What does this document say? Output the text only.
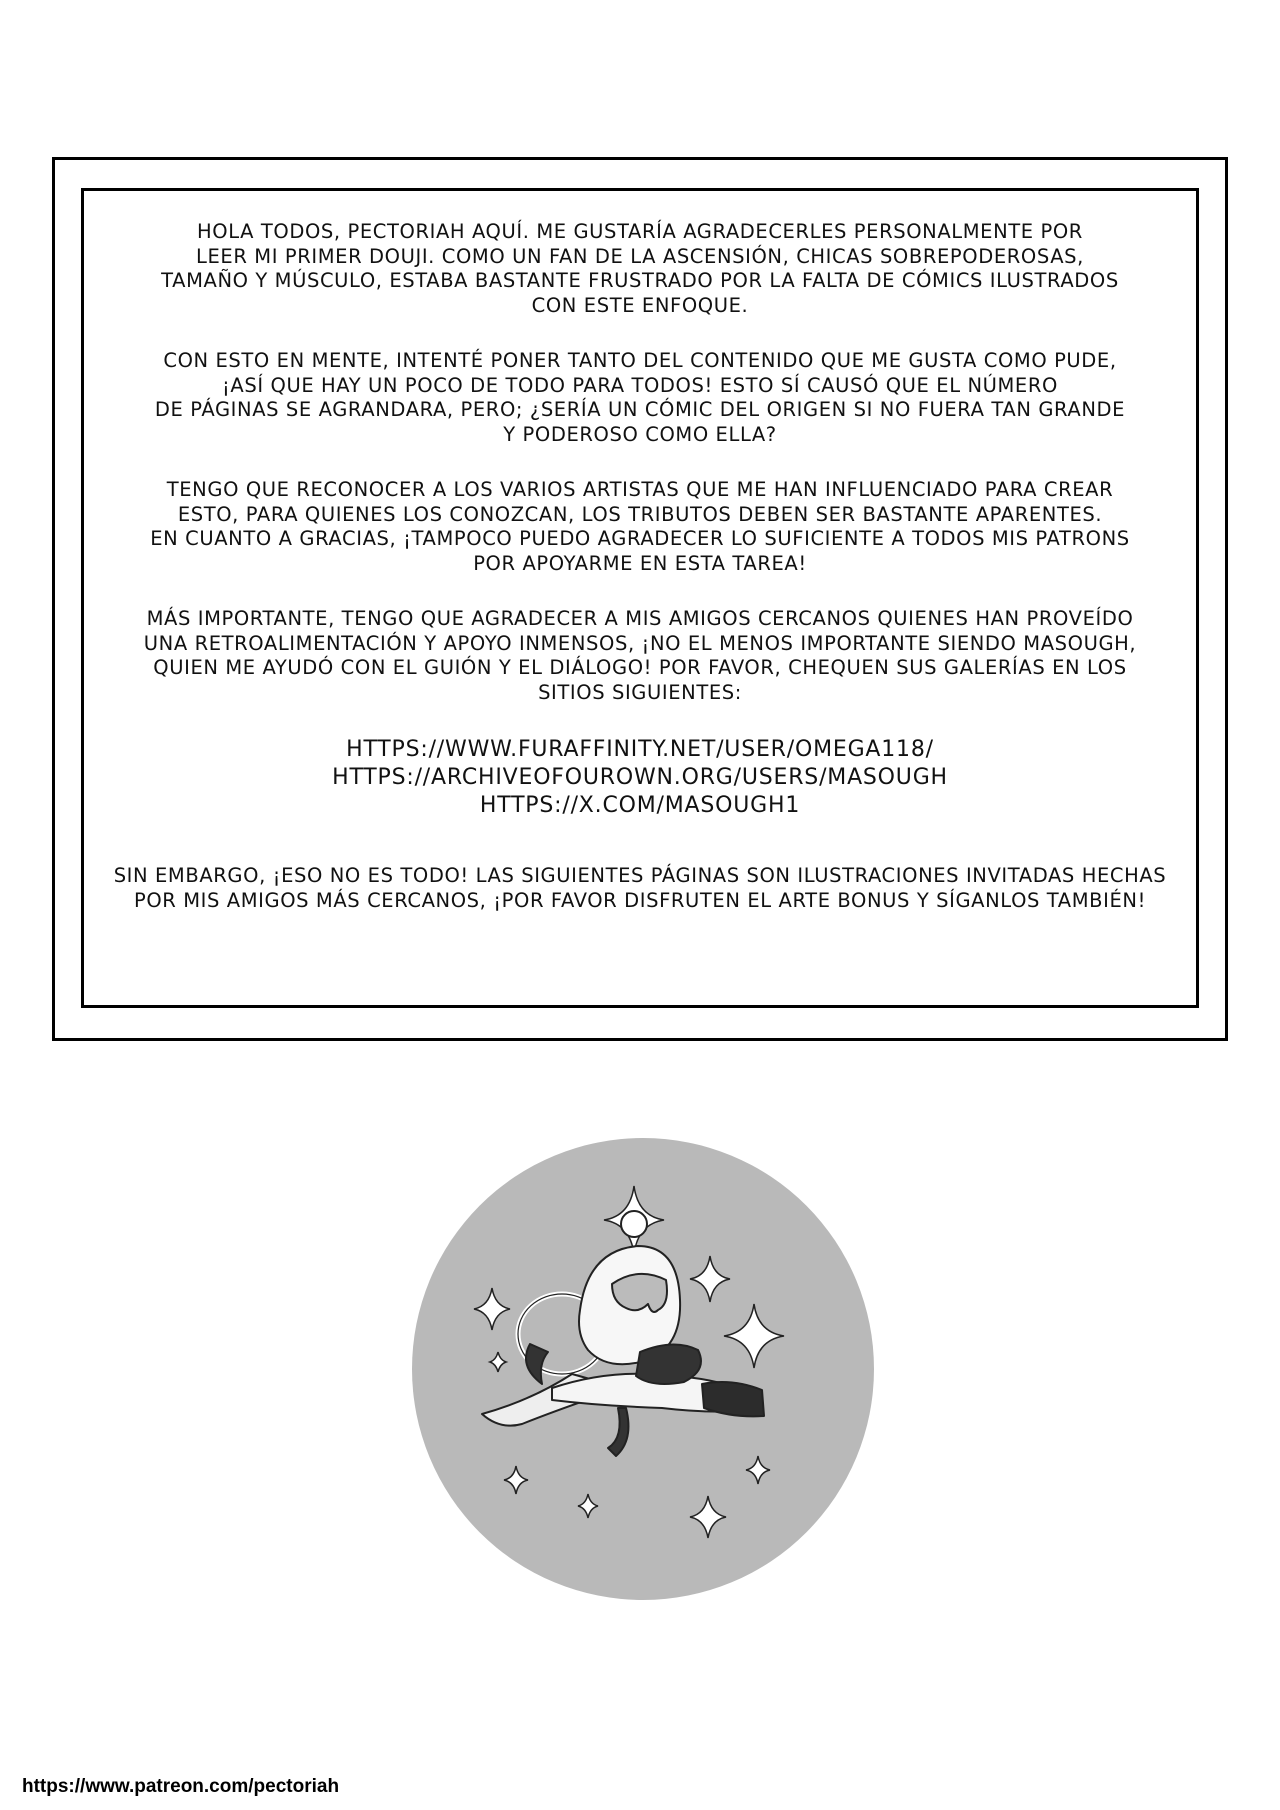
HOLA TODOS, PECTORIAH AQUÍ. ME GUSTARÍA AGRADECERLES PERSONALMENTE POR
LEER MI PRIMER DOUJI. COMO UN FAN DE LA ASCENSIÓN, CHICAS SOBREPODEROSAS,
TAMAÑO Y MÚSCULO, ESTABA BASTANTE FRUSTRADO POR LA FALTA DE CÓMICS ILUSTRADOS
CON ESTE ENFOQUE.

CON ESTO EN MENTE, INTENTÉ PONER TANTO DEL CONTENIDO QUE ME GUSTA COMO PUDE,
¡ASÍ QUE HAY UN POCO DE TODO PARA TODOS! ESTO SÍ CAUSÓ QUE EL NÚMERO
DE PÁGINAS SE AGRANDARA, PERO; ¿SERÍA UN CÓMIC DEL ORIGEN SI NO FUERA TAN GRANDE
Y PODEROSO COMO ELLA?

TENGO QUE RECONOCER A LOS VARIOS ARTISTAS QUE ME HAN INFLUENCIADO PARA CREAR
ESTO, PARA QUIENES LOS CONOZCAN, LOS TRIBUTOS DEBEN SER BASTANTE APARENTES.
EN CUANTO A GRACIAS, ¡TAMPOCO PUEDO AGRADECER LO SUFICIENTE A TODOS MIS PATRONS
POR APOYARME EN ESTA TAREA!

MÁS IMPORTANTE, TENGO QUE AGRADECER A MIS AMIGOS CERCANOS QUIENES HAN PROVEÍDO
UNA RETROALIMENTACIÓN Y APOYO INMENSOS, ¡NO EL MENOS IMPORTANTE SIENDO MASOUGH,
QUIEN ME AYUDÓ CON EL GUIÓN Y EL DIÁLOGO! POR FAVOR, CHEQUEN SUS GALERÍAS EN LOS
SITIOS SIGUIENTES:

HTTPS://WWW.FURAFFINITY.NET/USER/OMEGA118/
HTTPS://ARCHIVEOFOUROWN.ORG/USERS/MASOUGH
HTTPS://X.COM/MASOUGH1

SIN EMBARGO, ¡ESO NO ES TODO! LAS SIGUIENTES PÁGINAS SON ILUSTRACIONES INVITADAS HECHAS
POR MIS AMIGOS MÁS CERCANOS, ¡POR FAVOR DISFRUTEN EL ARTE BONUS Y SÍGANLOS TAMBIÉN!

https://www.patreon.com/pectoriah
